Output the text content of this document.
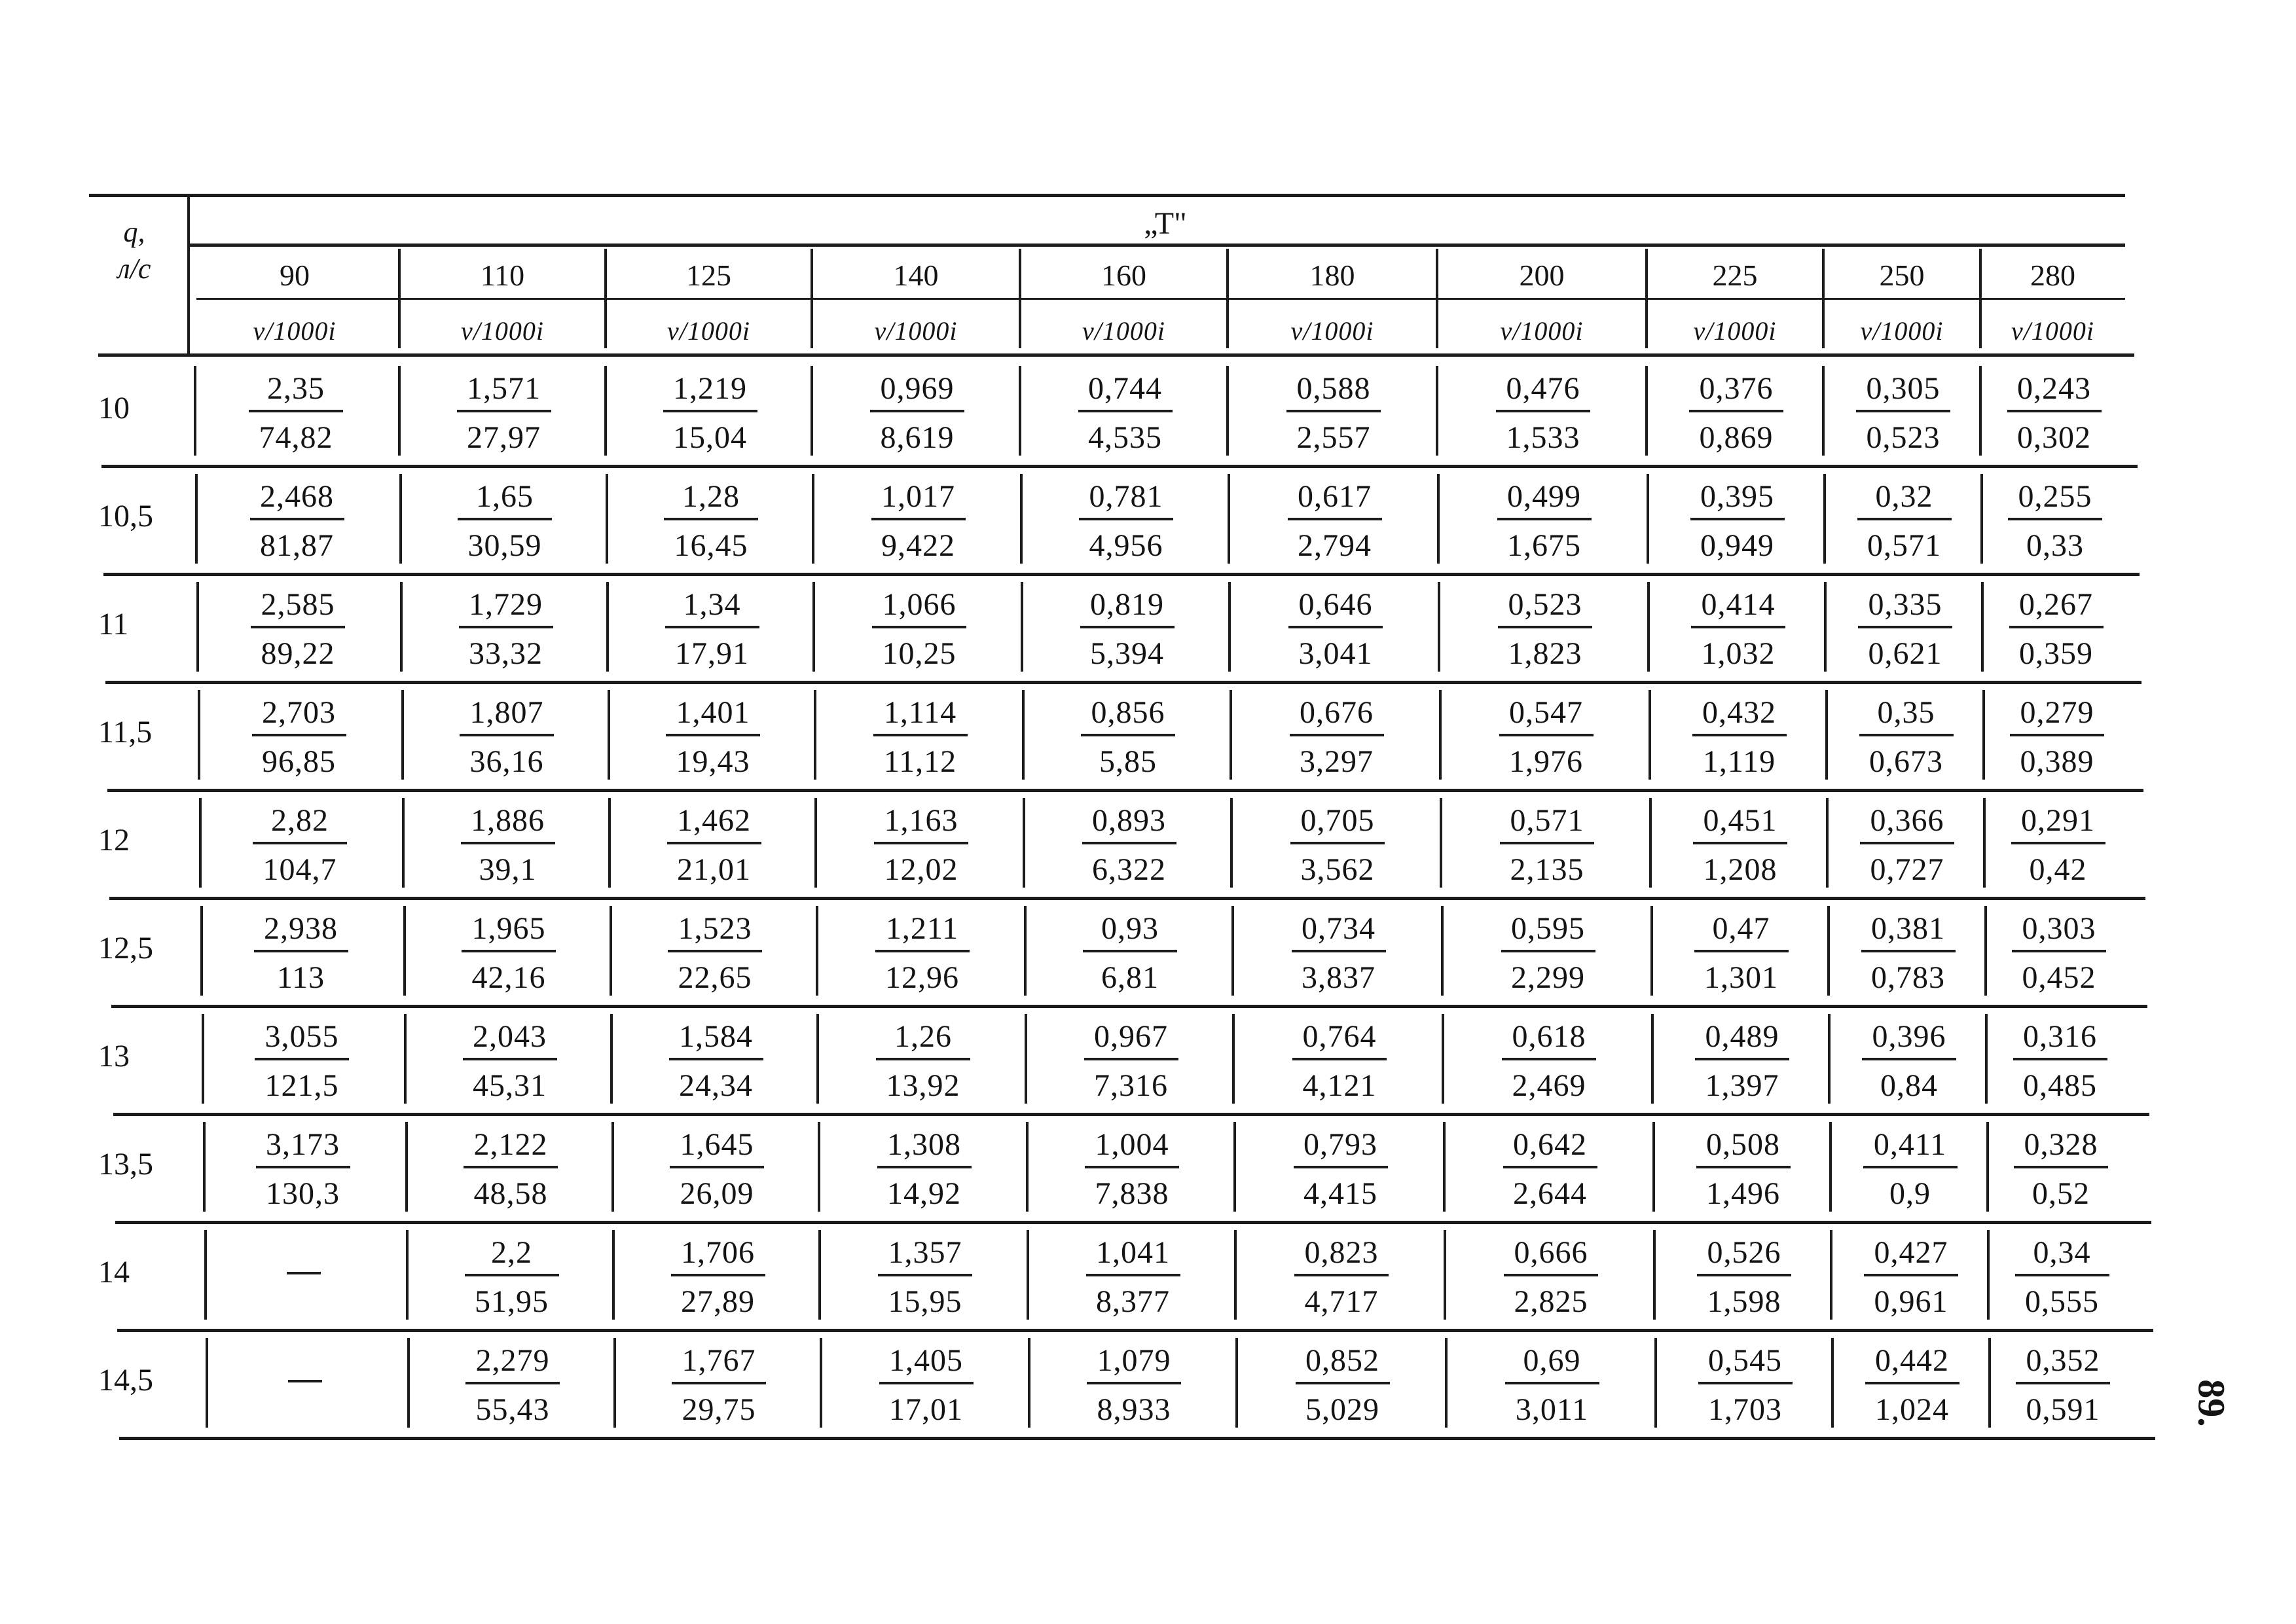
q,
л/с
„Т"
90
v/1000i
110
v/1000i
125
v/1000i
140
v/1000i
160
v/1000i
180
v/1000i
200
v/1000i
225
v/1000i
250
v/1000i
280
v/1000i
10
2,35
74,82
1,571
27,97
1,219
15,04
0,969
8,619
0,744
4,535
0,588
2,557
0,476
1,533
0,376
0,869
0,305
0,523
0,243
0,302
10,5
2,468
81,87
1,65
30,59
1,28
16,45
1,017
9,422
0,781
4,956
0,617
2,794
0,499
1,675
0,395
0,949
0,32
0,571
0,255
0,33
11
2,585
89,22
1,729
33,32
1,34
17,91
1,066
10,25
0,819
5,394
0,646
3,041
0,523
1,823
0,414
1,032
0,335
0,621
0,267
0,359
11,5
2,703
96,85
1,807
36,16
1,401
19,43
1,114
11,12
0,856
5,85
0,676
3,297
0,547
1,976
0,432
1,119
0,35
0,673
0,279
0,389
12
2,82
104,7
1,886
39,1
1,462
21,01
1,163
12,02
0,893
6,322
0,705
3,562
0,571
2,135
0,451
1,208
0,366
0,727
0,291
0,42
12,5
2,938
113
1,965
42,16
1,523
22,65
1,211
12,96
0,93
6,81
0,734
3,837
0,595
2,299
0,47
1,301
0,381
0,783
0,303
0,452
13
3,055
121,5
2,043
45,31
1,584
24,34
1,26
13,92
0,967
7,316
0,764
4,121
0,618
2,469
0,489
1,397
0,396
0,84
0,316
0,485
13,5
3,173
130,3
2,122
48,58
1,645
26,09
1,308
14,92
1,004
7,838
0,793
4,415
0,642
2,644
0,508
1,496
0,411
0,9
0,328
0,52
14
2,2
51,95
1,706
27,89
1,357
15,95
1,041
8,377
0,823
4,717
0,666
2,825
0,526
1,598
0,427
0,961
0,34
0,555
14,5
2,279
55,43
1,767
29,75
1,405
17,01
1,079
8,933
0,852
5,029
0,69
3,011
0,545
1,703
0,442
1,024
0,352
0,591	89.
